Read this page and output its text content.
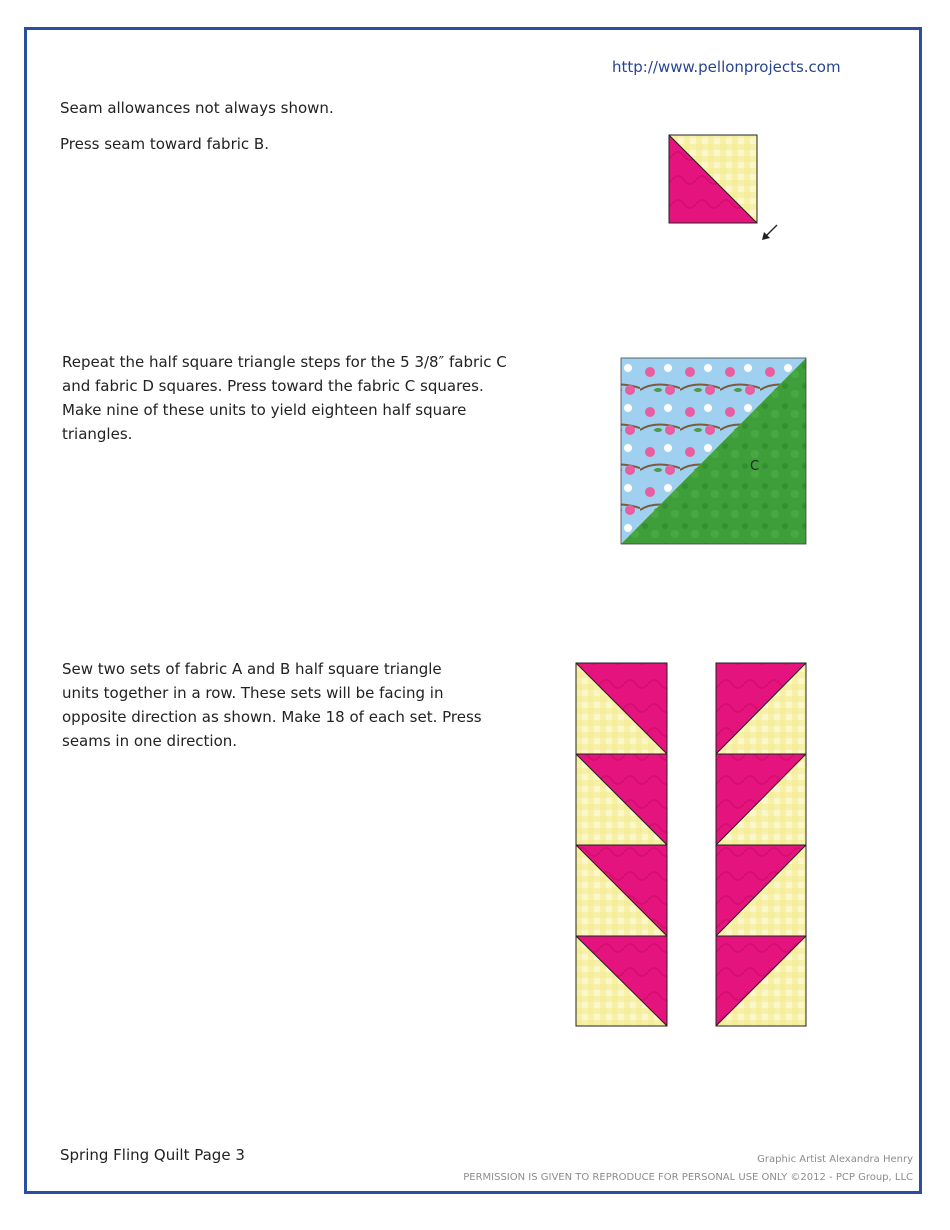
http://www.pellonprojects.com
Seam allowances not always shown.
Press seam toward fabric B.
Repeat the half square triangle steps for the 5 3/8″ fabric C and fabric D squares. Press toward the fabric C squares. Make nine of these units to yield eighteen half square triangles.
Sew two sets of fabric A and B half square triangle units together in a row. These sets will be facing in opposite direction as shown. Make 18 of each set. Press seams in one direction.
C
Spring Fling Quilt Page 3	Graphic Artist Alexandra Henry
PERMISSION IS GIVEN TO REPRODUCE FOR PERSONAL USE ONLY ©2012 - PCP Group, LLC
